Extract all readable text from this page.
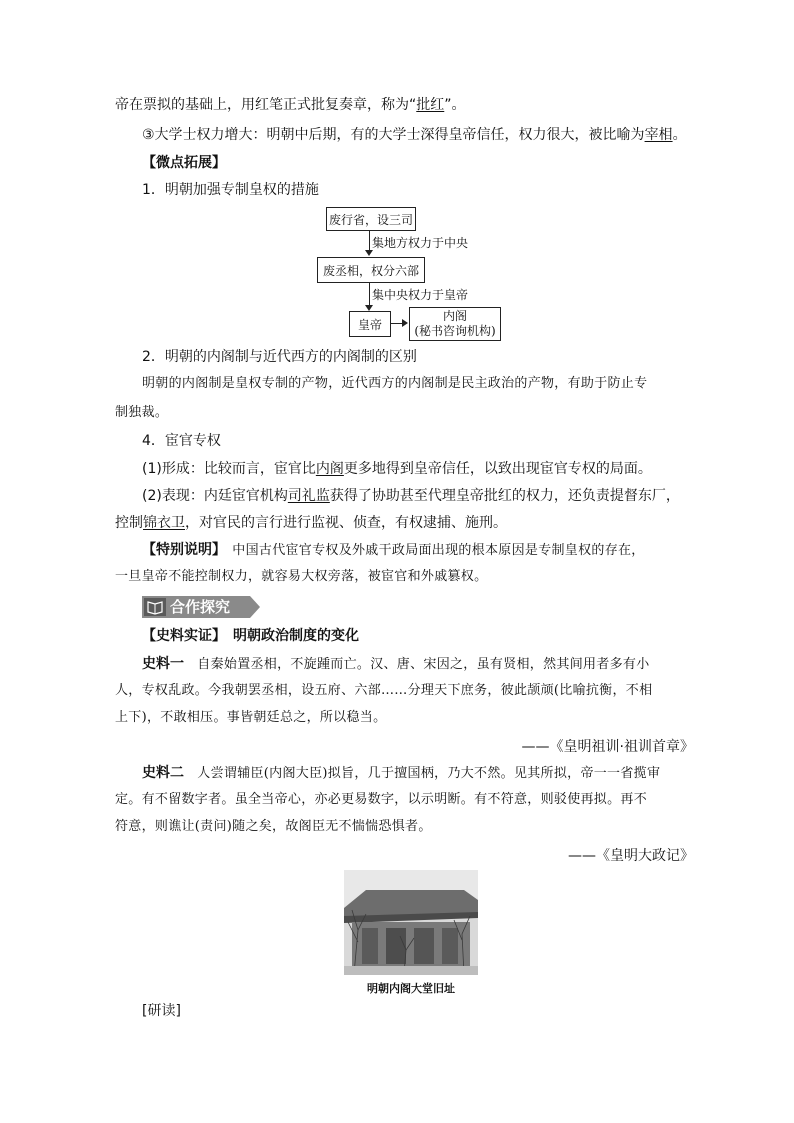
帝在票拟的基础上，用红笔正式批复奏章，称为“批红”。
③大学士权力增大：明朝中后期，有的大学士深得皇帝信任，权力很大，被比喻为宰相。
【微点拓展】
1．明朝加强专制皇权的措施
废行省，设三司
集地方权力于中央
废丞相，权分六部
集中央权力于皇帝
皇帝
内阁
(秘书咨询机构)
2．明朝的内阁制与近代西方的内阁制的区别
明朝的内阁制是皇权专制的产物，近代西方的内阁制是民主政治的产物，有助于防止专
制独裁。
4．宦官专权
(1)形成：比较而言，宦官比内阁更多地得到皇帝信任，以致出现宦官专权的局面。
(2)表现：内廷宦官机构司礼监获得了协助甚至代理皇帝批红的权力，还负责提督东厂，
控制锦衣卫，对官民的言行进行监视、侦查，有权逮捕、施刑。
【特别说明】　中国古代宦官专权及外戚干政局面出现的根本原因是专制皇权的存在，
一旦皇帝不能控制权力，就容易大权旁落，被宦官和外戚篡权。
合作探究
【史料实证】　明朝政治制度的变化
史料一　自秦始置丞相，不旋踵而亡。汉、唐、宋因之，虽有贤相，然其间用者多有小
人，专权乱政。今我朝罢丞相，设五府、六部……分理天下庶务，彼此颉颃(比喻抗衡，不相
上下)，不敢相压。事皆朝廷总之，所以稳当。
——《皇明祖训·祖训首章》
史料二　人尝谓辅臣(内阁大臣)拟旨，几于擅国柄，乃大不然。见其所拟，帝一一省揽审
定。有不留数字者。虽全当帝心，亦必更易数字，以示明断。有不符意，则驳使再拟。再不
符意，则谯让(责问)随之矣，故阁臣无不惴惴恐惧者。
——《皇明大政记》
明朝内阁大堂旧址
[研读]
